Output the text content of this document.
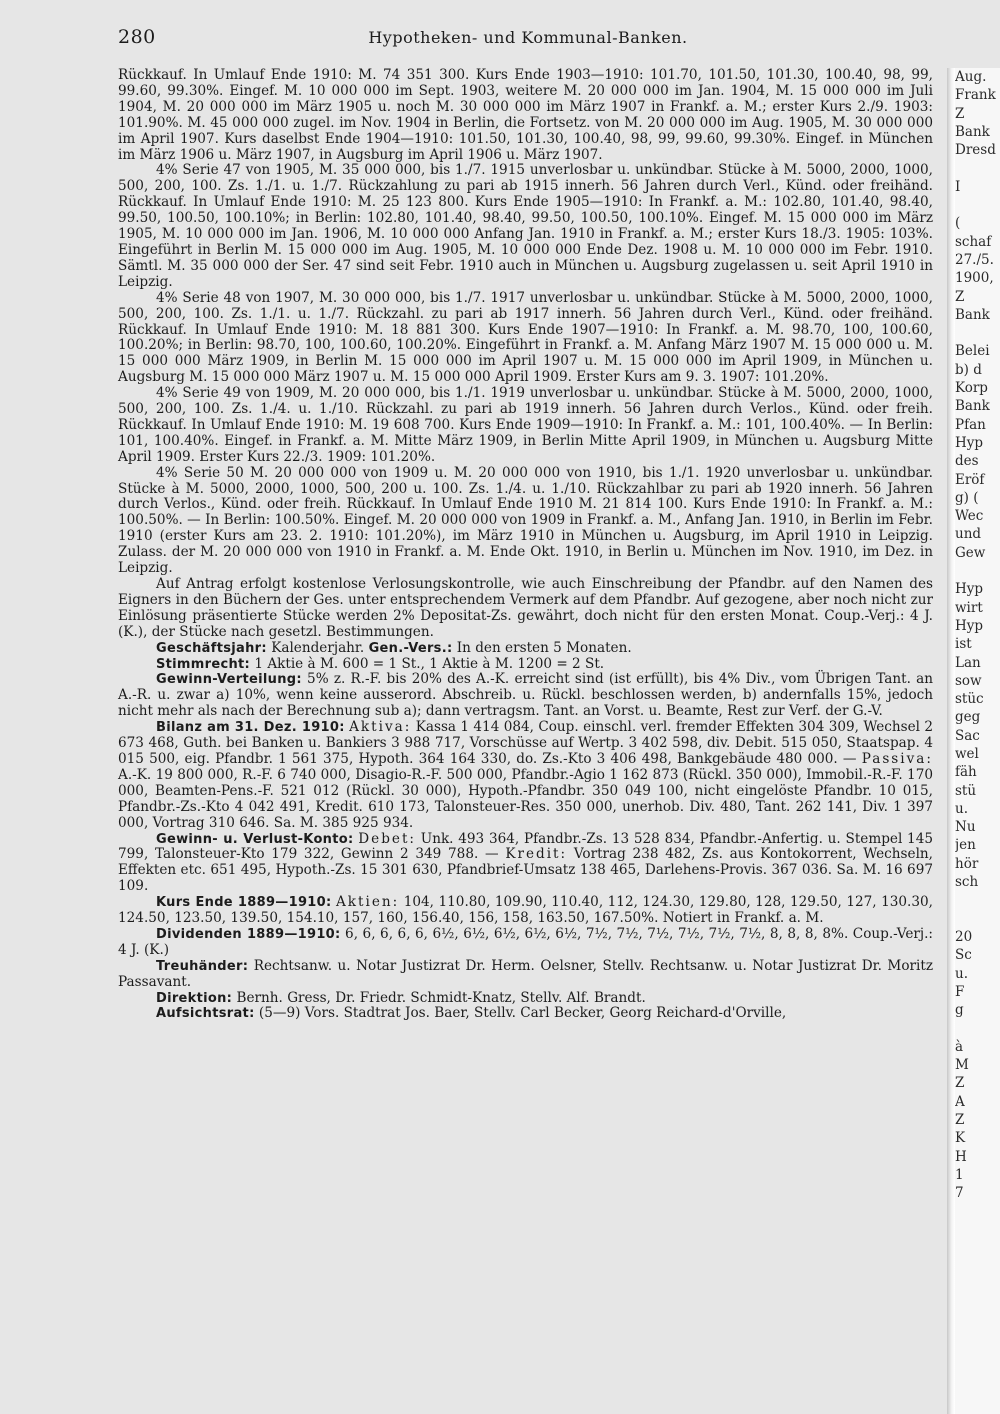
280	Hypotheken- und Kommunal-Banken.

Rückkauf. In Umlauf Ende 1910: M. 74 351 300. Kurs Ende 1903—1910: 101.70, 101.50, 101.30, 100.40, 98, 99, 99.60, 99.30%. Eingef. M. 10 000 000 im Sept. 1903, weitere M. 20 000 000 im Jan. 1904, M. 15 000 000 im Juli 1904, M. 20 000 000 im März 1905 u. noch M. 30 000 000 im März 1907 in Frankf. a. M.; erster Kurs 2./9. 1903: 101.90%. M. 45 000 000 zugel. im Nov. 1904 in Berlin, die Fortsetz. von M. 20 000 000 im Aug. 1905, M. 30 000 000 im April 1907. Kurs daselbst Ende 1904—1910: 101.50, 101.30, 100.40, 98, 99, 99.60, 99.30%. Eingef. in München im März 1906 u. März 1907, in Augsburg im April 1906 u. März 1907.

4% Serie 47 von 1905, M. 35 000 000, bis 1./7. 1915 unverlosbar u. unkündbar. Stücke à M. 5000, 2000, 1000, 500, 200, 100. Zs. 1./1. u. 1./7. Rückzahlung zu pari ab 1915 innerh. 56 Jahren durch Verl., Künd. oder freihänd. Rückkauf. In Umlauf Ende 1910: M. 25 123 800. Kurs Ende 1905—1910: In Frankf. a. M.: 102.80, 101.40, 98.40, 99.50, 100.50, 100.10%; in Berlin: 102.80, 101.40, 98.40, 99.50, 100.50, 100.10%. Eingef. M. 15 000 000 im März 1905, M. 10 000 000 im Jan. 1906, M. 10 000 000 Anfang Jan. 1910 in Frankf. a. M.; erster Kurs 18./3. 1905: 103%. Eingeführt in Berlin M. 15 000 000 im Aug. 1905, M. 10 000 000 Ende Dez. 1908 u. M. 10 000 000 im Febr. 1910. Sämtl. M. 35 000 000 der Ser. 47 sind seit Febr. 1910 auch in München u. Augsburg zugelassen u. seit April 1910 in Leipzig.

4% Serie 48 von 1907, M. 30 000 000, bis 1./7. 1917 unverlosbar u. unkündbar. Stücke à M. 5000, 2000, 1000, 500, 200, 100. Zs. 1./1. u. 1./7. Rückzahl. zu pari ab 1917 innerh. 56 Jahren durch Verl., Künd. oder freihänd. Rückkauf. In Umlauf Ende 1910: M. 18 881 300. Kurs Ende 1907—1910: In Frankf. a. M. 98.70, 100, 100.60, 100.20%; in Berlin: 98.70, 100, 100.60, 100.20%. Eingeführt in Frankf. a. M. Anfang März 1907 M. 15 000 000 u. M. 15 000 000 März 1909, in Berlin M. 15 000 000 im April 1907 u. M. 15 000 000 im April 1909, in München u. Augsburg M. 15 000 000 März 1907 u. M. 15 000 000 April 1909. Erster Kurs am 9. 3. 1907: 101.20%.

4% Serie 49 von 1909, M. 20 000 000, bis 1./1. 1919 unverlosbar u. unkündbar. Stücke à M. 5000, 2000, 1000, 500, 200, 100. Zs. 1./4. u. 1./10. Rückzahl. zu pari ab 1919 innerh. 56 Jahren durch Verlos., Künd. oder freih. Rückkauf. In Umlauf Ende 1910: M. 19 608 700. Kurs Ende 1909—1910: In Frankf. a. M.: 101, 100.40%. — In Berlin: 101, 100.40%. Eingef. in Frankf. a. M. Mitte März 1909, in Berlin Mitte April 1909, in München u. Augsburg Mitte April 1909. Erster Kurs 22./3. 1909: 101.20%.

4% Serie 50 M. 20 000 000 von 1909 u. M. 20 000 000 von 1910, bis 1./1. 1920 unverlosbar u. unkündbar. Stücke à M. 5000, 2000, 1000, 500, 200 u. 100. Zs. 1./4. u. 1./10. Rückzahlbar zu pari ab 1920 innerh. 56 Jahren durch Verlos., Künd. oder freih. Rückkauf. In Umlauf Ende 1910 M. 21 814 100. Kurs Ende 1910: In Frankf. a. M.: 100.50%. — In Berlin: 100.50%. Eingef. M. 20 000 000 von 1909 in Frankf. a. M., Anfang Jan. 1910, in Berlin im Febr. 1910 (erster Kurs am 23. 2. 1910: 101.20%), im März 1910 in München u. Augsburg, im April 1910 in Leipzig. Zulass. der M. 20 000 000 von 1910 in Frankf. a. M. Ende Okt. 1910, in Berlin u. München im Nov. 1910, im Dez. in Leipzig.

Auf Antrag erfolgt kostenlose Verlosungskontrolle, wie auch Einschreibung der Pfandbr. auf den Namen des Eigners in den Büchern der Ges. unter entsprechendem Vermerk auf dem Pfandbr. Auf gezogene, aber noch nicht zur Einlösung präsentierte Stücke werden 2% Depositat-Zs. gewährt, doch nicht für den ersten Monat. Coup.-Verj.: 4 J. (K.), der Stücke nach gesetzl. Bestimmungen.

Geschäftsjahr: Kalenderjahr. Gen.-Vers.: In den ersten 5 Monaten.

Stimmrecht: 1 Aktie à M. 600 = 1 St., 1 Aktie à M. 1200 = 2 St.

Gewinn-Verteilung: 5% z. R.-F. bis 20% des A.-K. erreicht sind (ist erfüllt), bis 4% Div., vom Übrigen Tant. an A.-R. u. zwar a) 10%, wenn keine ausserord. Abschreib. u. Rückl. beschlossen werden, b) andernfalls 15%, jedoch nicht mehr als nach der Berechnung sub a); dann vertragsm. Tant. an Vorst. u. Beamte, Rest zur Verf. der G.-V.

Bilanz am 31. Dez. 1910: Aktiva: Kassa 1 414 084, Coup. einschl. verl. fremder Effekten 304 309, Wechsel 2 673 468, Guth. bei Banken u. Bankiers 3 988 717, Vorschüsse auf Wertp. 3 402 598, div. Debit. 515 050, Staatspap. 4 015 500, eig. Pfandbr. 1 561 375, Hypoth. 364 164 330, do. Zs.-Kto 3 406 498, Bankgebäude 480 000. — Passiva: A.-K. 19 800 000, R.-F. 6 740 000, Disagio-R.-F. 500 000, Pfandbr.-Agio 1 162 873 (Rückl. 350 000), Immobil.-R.-F. 170 000, Beamten-Pens.-F. 521 012 (Rückl. 30 000), Hypoth.-Pfandbr. 350 049 100, nicht eingelöste Pfandbr. 10 015, Pfandbr.-Zs.-Kto 4 042 491, Kredit. 610 173, Talonsteuer-Res. 350 000, unerhob. Div. 480, Tant. 262 141, Div. 1 397 000, Vortrag 310 646. Sa. M. 385 925 934.

Gewinn- u. Verlust-Konto: Debet: Unk. 493 364, Pfandbr.-Zs. 13 528 834, Pfandbr.-Anfertig. u. Stempel 145 799, Talonsteuer-Kto 179 322, Gewinn 2 349 788. — Kredit: Vortrag 238 482, Zs. aus Kontokorrent, Wechseln, Effekten etc. 651 495, Hypoth.-Zs. 15 301 630, Pfandbrief-Umsatz 138 465, Darlehens-Provis. 367 036. Sa. M. 16 697 109.

Kurs Ende 1889—1910: Aktien: 104, 110.80, 109.90, 110.40, 112, 124.30, 129.80, 128, 129.50, 127, 130.30, 124.50, 123.50, 139.50, 154.10, 157, 160, 156.40, 156, 158, 163.50, 167.50%. Notiert in Frankf. a. M.

Dividenden 1889—1910: 6, 6, 6, 6, 6, 6½, 6½, 6½, 6½, 6½, 7½, 7½, 7½, 7½, 7½, 7½, 8, 8, 8, 8%. Coup.-Verj.: 4 J. (K.)

Treuhänder: Rechtsanw. u. Notar Justizrat Dr. Herm. Oelsner, Stellv. Rechtsanw. u. Notar Justizrat Dr. Moritz Passavant.

Direktion: Bernh. Gress, Dr. Friedr. Schmidt-Knatz, Stellv. Alf. Brandt.

Aufsichtsrat: (5—9) Vors. Stadtrat Jos. Baer, Stellv. Carl Becker, Georg Reichard-d'Orville,

Aug.
Frank
Z
Bank
Dresd

I

(
schaf
27./5.
1900,
Z
Bank

Belei
b) d
Korp
Bank
Pfan
Hyp
des
Eröf
g) (
Wec
und
Gew

Hyp
wirt
Hyp
ist
Lan
sow
stüc
geg
Sac
wel
fäh
stü
u.
Nu
jen
hör
sch

20
Sc
u.
F
g

à
M
Z
A
Z
K
H
1
7
